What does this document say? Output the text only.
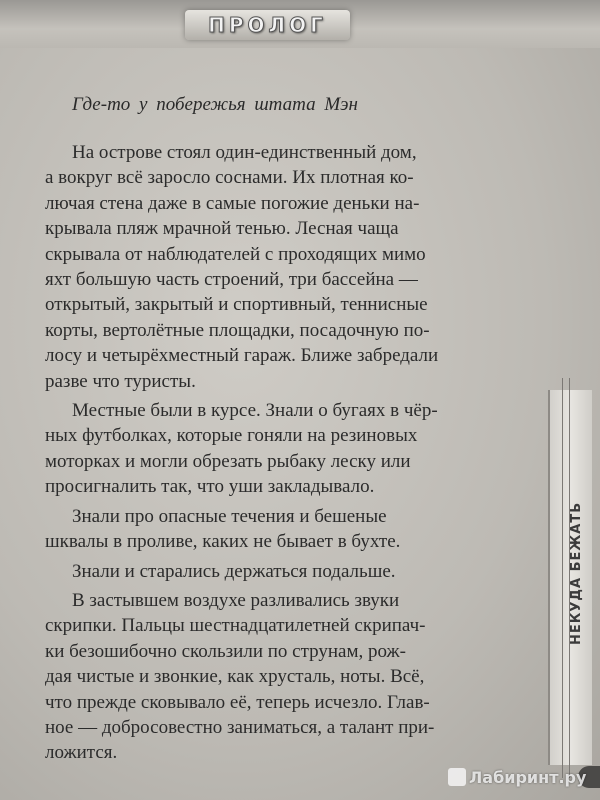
ПРОЛОГ
Где-то у побережья штата Мэн
На острове стоял один-единственный дом,
а вокруг всё заросло соснами. Их плотная ко-
лючая стена даже в самые погожие деньки на-
крывала пляж мрачной тенью. Лесная чаща
скрывала от наблюдателей с проходящих мимо
яхт большую часть строений, три бассейна —
открытый, закрытый и спортивный, теннисные
корты, вертолётные площадки, посадочную по-
лосу и четырёхместный гараж. Ближе забредали
разве что туристы.
Местные были в курсе. Знали о бугаях в чёр-
ных футболках, которые гоняли на резиновых
моторках и могли обрезать рыбаку леску или
просигналить так, что уши закладывало.
Знали про опасные течения и бешеные
шквалы в проливе, каких не бывает в бухте.
Знали и старались держаться подальше.
В застывшем воздухе разливались звуки
скрипки. Пальцы шестнадцатилетней скрипач-
ки безошибочно скользили по струнам, рож-
дая чистые и звонкие, как хрусталь, ноты. Всё,
что прежде сковывало её, теперь исчезло. Глав-
ное — добросовестно заниматься, а талант при-
ложится.
НЕКУДА БЕЖАТЬ
Лабиринт.ру
